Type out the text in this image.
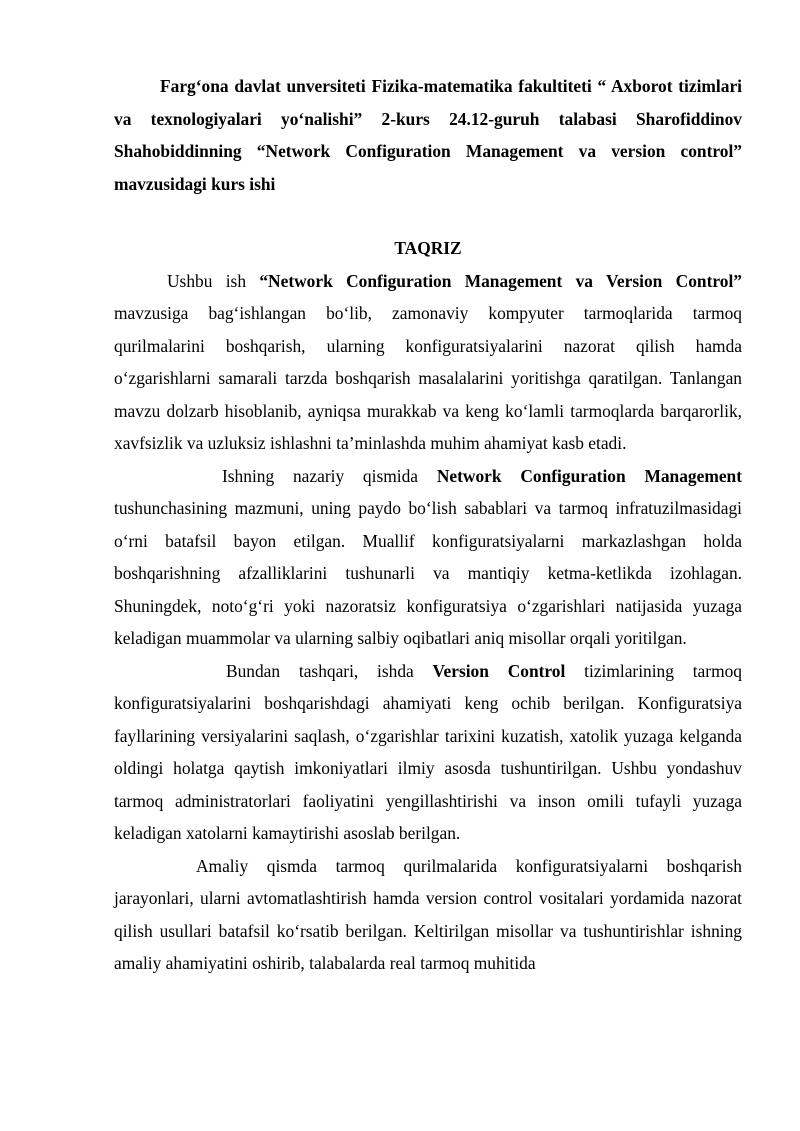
Farg‘ona davlat unversiteti Fizika-matematika fakultiteti “ Axborot tizimlari va texnologiyalari yo‘nalishi” 2-kurs 24.12-guruh talabasi Sharofiddinov Shahobiddinning “Network Configuration Management va version control” mavzusidagi kurs ishi

TAQRIZ

Ushbu ish “Network Configuration Management va Version Control” mavzusiga bag‘ishlangan bo‘lib, zamonaviy kompyuter tarmoqlarida tarmoq qurilmalarini boshqarish, ularning konfiguratsiyalarini nazorat qilish hamda o‘zgarishlarni samarali tarzda boshqarish masalalarini yoritishga qaratilgan. Tanlangan mavzu dolzarb hisoblanib, ayniqsa murakkab va keng ko‘lamli tarmoqlarda barqarorlik, xavfsizlik va uzluksiz ishlashni ta’minlashda muhim ahamiyat kasb etadi.

Ishning nazariy qismida Network Configuration Management tushunchasining mazmuni, uning paydo bo‘lish sabablari va tarmoq infratuzilmasidagi o‘rni batafsil bayon etilgan. Muallif konfiguratsiyalarni markazlashgan holda boshqarishning afzalliklarini tushunarli va mantiqiy ketma-ketlikda izohlagan. Shuningdek, noto‘g‘ri yoki nazoratsiz konfiguratsiya o‘zgarishlari natijasida yuzaga keladigan muammolar va ularning salbiy oqibatlari aniq misollar orqali yoritilgan.

Bundan tashqari, ishda Version Control tizimlarining tarmoq konfiguratsiyalarini boshqarishdagi ahamiyati keng ochib berilgan. Konfiguratsiya fayllarining versiyalarini saqlash, o‘zgarishlar tarixini kuzatish, xatolik yuzaga kelganda oldingi holatga qaytish imkoniyatlari ilmiy asosda tushuntirilgan. Ushbu yondashuv tarmoq administratorlari faoliyatini yengillashtirishi va inson omili tufayli yuzaga keladigan xatolarni kamaytirishi asoslab berilgan.

Amaliy qismda tarmoq qurilmalarida konfiguratsiyalarni boshqarish jarayonlari, ularni avtomatlashtirish hamda version control vositalari yordamida nazorat qilish usullari batafsil ko‘rsatib berilgan. Keltirilgan misollar va tushuntirishlar ishning amaliy ahamiyatini oshirib, talabalarda real tarmoq muhitida
